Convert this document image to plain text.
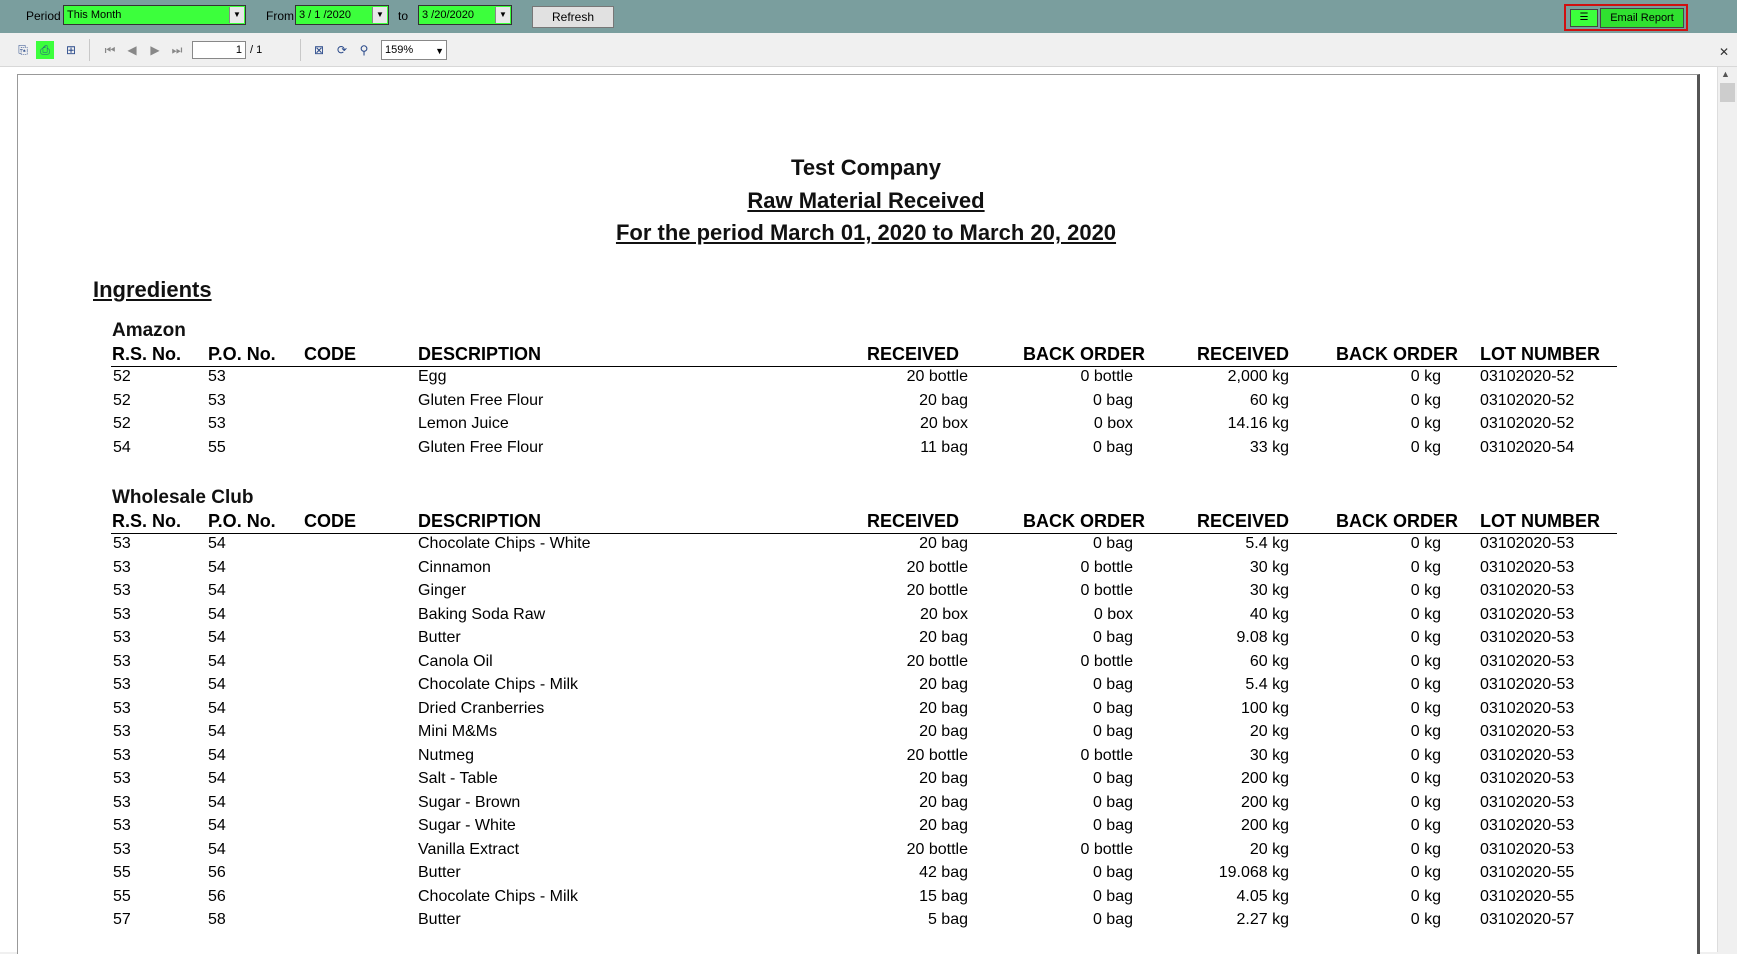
Period This Month	▼ From 3 / 1 /2020	▼ to	3 /20/2020	▼	Refresh	☰	Email Report
⎘	⎙	⊞	⏮ ◀	▶ ⏭	1 / 1	⊠	⟳	⚲	159% ▼	✕
▲
Test Company
Raw Material Received
For the period March 01, 2020 to March 20, 2020
Ingredients
Amazon
R.S. No. P.O. No. CODE	DESCRIPTION	RECEIVED	BACK ORDER	RECEIVED	BACK ORDER LOT NUMBER
52	53	Egg	20 bottle	0 bottle	2,000 kg	0 kg 03102020-52
52	53	Gluten Free Flour	20 bag	0 bag	60 kg	0 kg 03102020-52
52	53	Lemon Juice	20 box	0 box	14.16 kg	0 kg 03102020-52
54	55	Gluten Free Flour	11 bag	0 bag	33 kg	0 kg 03102020-54
Wholesale Club
R.S. No. P.O. No. CODE	DESCRIPTION	RECEIVED	BACK ORDER	RECEIVED	BACK ORDER LOT NUMBER
53	54	Chocolate Chips - White	20 bag	0 bag	5.4 kg	0 kg 03102020-53
53	54	Cinnamon	20 bottle	0 bottle	30 kg	0 kg 03102020-53
53	54	Ginger	20 bottle	0 bottle	30 kg	0 kg 03102020-53
53	54	Baking Soda Raw	20 box	0 box	40 kg	0 kg 03102020-53
53	54	Butter	20 bag	0 bag	9.08 kg	0 kg 03102020-53
53	54	Canola Oil	20 bottle	0 bottle	60 kg	0 kg 03102020-53
53	54	Chocolate Chips - Milk	20 bag	0 bag	5.4 kg	0 kg 03102020-53
53	54	Dried Cranberries	20 bag	0 bag	100 kg	0 kg 03102020-53
53	54	Mini M&Ms	20 bag	0 bag	20 kg	0 kg 03102020-53
53	54	Nutmeg	20 bottle	0 bottle	30 kg	0 kg 03102020-53
53	54	Salt - Table	20 bag	0 bag	200 kg	0 kg 03102020-53
53	54	Sugar - Brown	20 bag	0 bag	200 kg	0 kg 03102020-53
53	54	Sugar - White	20 bag	0 bag	200 kg	0 kg 03102020-53
53	54	Vanilla Extract	20 bottle	0 bottle	20 kg	0 kg 03102020-53
55	56	Butter	42 bag	0 bag	19.068 kg	0 kg 03102020-55
55	56	Chocolate Chips - Milk	15 bag	0 bag	4.05 kg	0 kg 03102020-55
57	58	Butter	5 bag	0 bag	2.27 kg	0 kg 03102020-57
